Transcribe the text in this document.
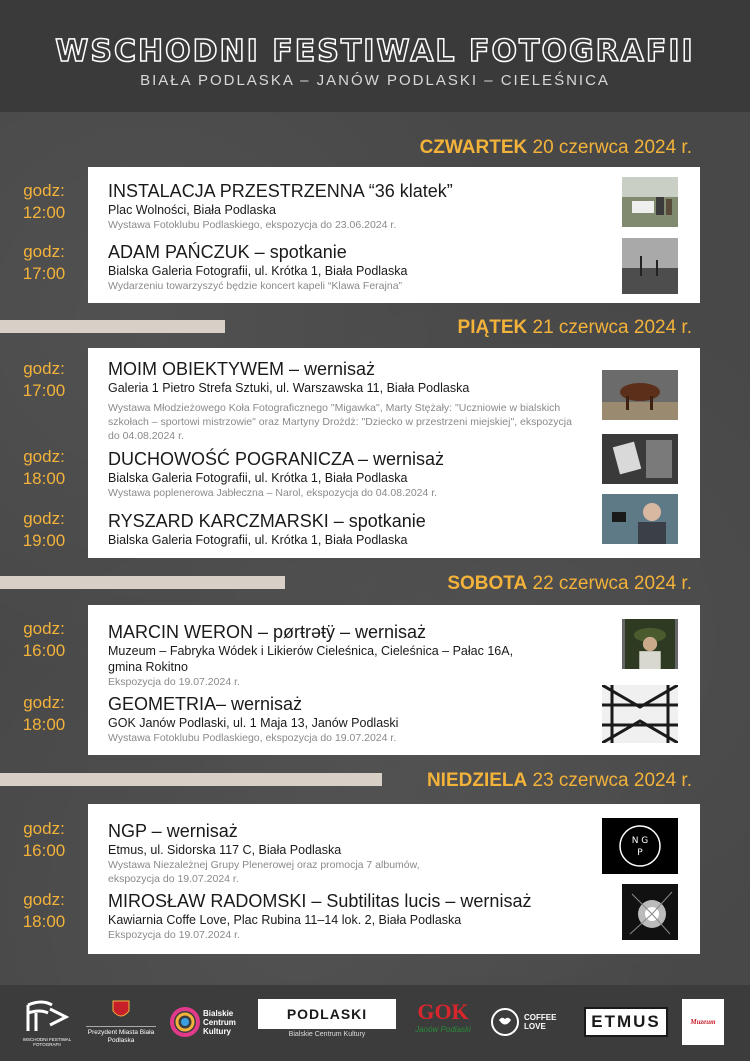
WSCHODNI FESTIWAL FOTOGRAFII
BIAŁA PODLASKA – JANÓW PODLASKI – CIELEŚNICA
CZWARTEK 20 czerwca 2024 r.
godz:
12:00
godz:
17:00
INSTALACJA PRZESTRZENNA “36 klatek”
Plac Wolności, Biała Podlaska
Wystawa Fotoklubu Podlaskiego, ekspozycja do 23.06.2024 r.
ADAM PAŃCZUK – spotkanie
Bialska Galeria Fotografii, ul. Krótka 1, Biała Podlaska
Wydarzeniu towarzyszyć będzie koncert kapeli “Klawa Ferajna”
PIĄTEK 21 czerwca 2024 r.
godz:
17:00
godz:
18:00
godz:
19:00
MOIM OBIEKTYWEM – wernisaż
Galeria 1 Pietro Strefa Sztuki, ul. Warszawska 11, Biała Podlaska
Wystawa Młodzieżowego Koła Fotograficznego "Migawka", Marty Stężały: "Uczniowie w bialskich szkołach – sportowi mistrzowie" oraz Martyny Drożdż: "Dziecko w przestrzeni miejskiej", ekspozycja do 04.08.2024 r.
DUCHOWOŚĆ POGRANICZA – wernisaż
Bialska Galeria Fotografii, ul. Krótka 1, Biała Podlaska
Wystawa poplenerowa Jabłeczna – Narol, ekspozycja do 04.08.2024 r.
RYSZARD KARCZMARSKI – spotkanie
Bialska Galeria Fotografii, ul. Krótka 1, Biała Podlaska
SOBOTA 22 czerwca 2024 r.
godz:
16:00
godz:
18:00
MARCIN WERON – pørŧrəŧÿ – wernisaż
Muzeum – Fabryka Wódek i Likierów Cieleśnica, Cieleśnica – Pałac 16A, gmina Rokitno
Ekspozycja do 19.07.2024 r.
GEOMETRIA– wernisaż
GOK Janów Podlaski, ul. 1 Maja 13, Janów Podlaski
Wystawa Fotoklubu Podlaskiego, ekspozycja do 19.07.2024 r.
NIEDZIELA 23 czerwca 2024 r.
godz:
16:00
godz:
18:00
NGP – wernisaż
Etmus, ul. Sidorska 117 C, Biała Podlaska
Wystawa Niezależnej Grupy Plenerowej oraz promocja 7 albumów, ekspozycja do 19.07.2024 r.
N G
P
MIROSŁAW RADOMSKI – Subtilitas lucis – wernisaż
Kawiarnia Coffe Love, Plac Rubina 11–14 lok. 2, Biała Podlaska
Ekspozycja do 19.07.2024 r.
WSCHODNI FESTIWAL FOTOGRAFII
Prezydent Miasta Biała Podlaska
Bialskie Centrum Kultury
PODLASKI
Bialskie Centrum Kultury
GOK
Janów Podlaski
COFFEE LOVE	ETMUS	Muzeum
